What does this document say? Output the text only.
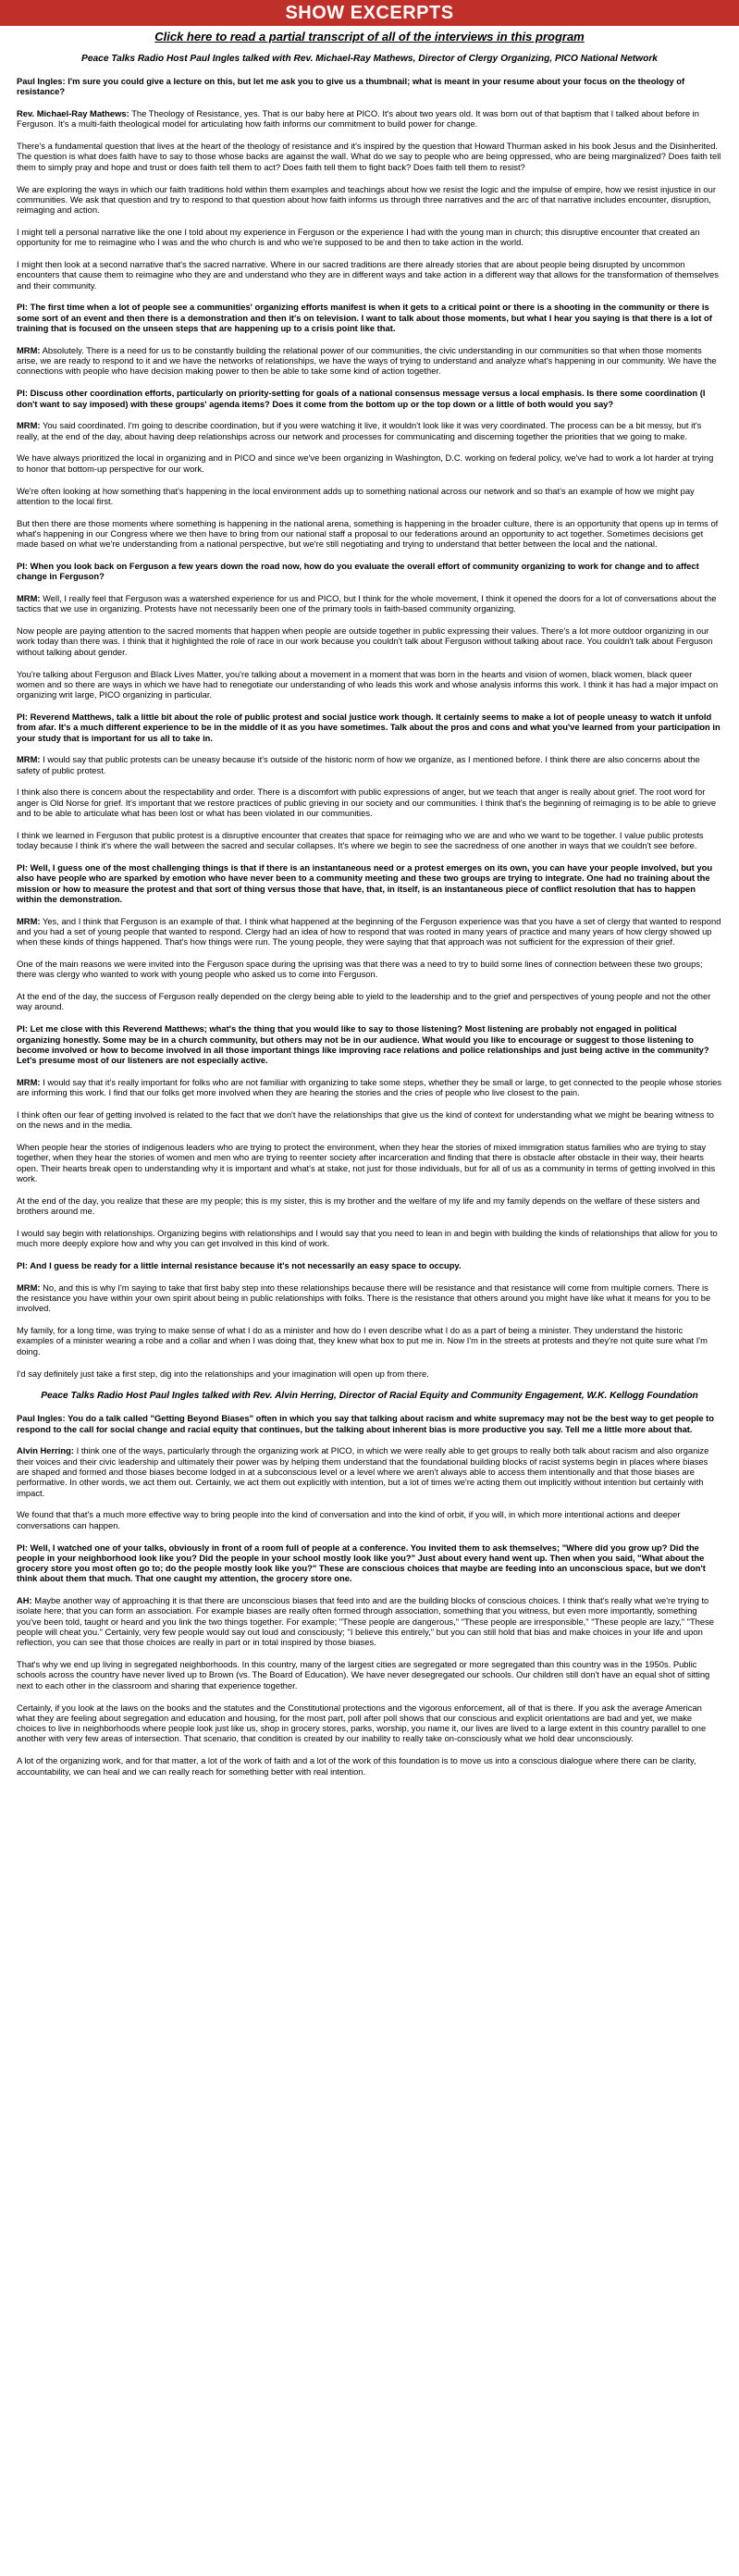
SHOW EXCERPTS
Click here to read a partial transcript of all of the interviews in this program
Peace Talks Radio Host Paul Ingles talked with Rev. Michael-Ray Mathews, Director of Clergy Organizing, PICO National Network
Paul Ingles: I'm sure you could give a lecture on this, but let me ask you to give us a thumbnail; what is meant in your resume about your focus on the theology of resistance?
Rev. Michael-Ray Mathews: The Theology of Resistance, yes. That is our baby here at PICO. It's about two years old. It was born out of that baptism that I talked about before in Ferguson. It's a multi-faith theological model for articulating how faith informs our commitment to build power for change.
There's a fundamental question that lives at the heart of the theology of resistance and it's inspired by the question that Howard Thurman asked in his book Jesus and the Disinherited. The question is what does faith have to say to those whose backs are against the wall. What do we say to people who are being oppressed, who are being marginalized? Does faith tell them to simply pray and hope and trust or does faith tell them to act? Does faith tell them to fight back? Does faith tell them to resist?
We are exploring the ways in which our faith traditions hold within them examples and teachings about how we resist the logic and the impulse of empire, how we resist injustice in our communities. We ask that question and try to respond to that question about how faith informs us through three narratives and the arc of that narrative includes encounter, disruption, reimaging and action.
I might tell a personal narrative like the one I told about my experience in Ferguson or the experience I had with the young man in church; this disruptive encounter that created an opportunity for me to reimagine who I was and the who church is and who we're supposed to be and then to take action in the world.
I might then look at a second narrative that's the sacred narrative. Where in our sacred traditions are there already stories that are about people being disrupted by uncommon encounters that cause them to reimagine who they are and understand who they are in different ways and take action in a different way that allows for the transformation of themselves and their community.
PI: The first time when a lot of people see a communities' organizing efforts manifest is when it gets to a critical point or there is a shooting in the community or there is some sort of an event and then there is a demonstration and then it's on television. I want to talk about those moments, but what I hear you saying is that there is a lot of training that is focused on the unseen steps that are happening up to a crisis point like that.
MRM: Absolutely. There is a need for us to be constantly building the relational power of our communities, the civic understanding in our communities so that when those moments arise, we are ready to respond to it and we have the networks of relationships, we have the ways of trying to understand and analyze what's happening in our community. We have the connections with people who have decision making power to then be able to take some kind of action together.
PI: Discuss other coordination efforts, particularly on priority-setting for goals of a national consensus message versus a local emphasis. Is there some coordination (I don't want to say imposed) with these groups' agenda items? Does it come from the bottom up or the top down or a little of both would you say?
MRM: You said coordinated. I'm going to describe coordination, but if you were watching it live, it wouldn't look like it was very coordinated. The process can be a bit messy, but it's really, at the end of the day, about having deep relationships across our network and processes for communicating and discerning together the priorities that we going to make.
We have always prioritized the local in organizing and in PICO and since we've been organizing in Washington, D.C. working on federal policy, we've had to work a lot harder at trying to honor that bottom-up perspective for our work.
We're often looking at how something that's happening in the local environment adds up to something national across our network and so that's an example of how we might pay attention to the local first.
But then there are those moments where something is happening in the national arena, something is happening in the broader culture, there is an opportunity that opens up in terms of what's happening in our Congress where we then have to bring from our national staff a proposal to our federations around an opportunity to act together. Sometimes decisions get made based on what we're understanding from a national perspective, but we're still negotiating and trying to understand that better between the local and the national.
PI: When you look back on Ferguson a few years down the road now, how do you evaluate the overall effort of community organizing to work for change and to affect change in Ferguson?
MRM: Well, I really feel that Ferguson was a watershed experience for us and PICO, but I think for the whole movement, I think it opened the doors for a lot of conversations about the tactics that we use in organizing. Protests have not necessarily been one of the primary tools in faith-based community organizing.
Now people are paying attention to the sacred moments that happen when people are outside together in public expressing their values. There's a lot more outdoor organizing in our work today than there was. I think that it highlighted the role of race in our work because you couldn't talk about Ferguson without talking about race. You couldn't talk about Ferguson without talking about gender.
You're talking about Ferguson and Black Lives Matter, you're talking about a movement in a moment that was born in the hearts and vision of women, black women, black queer women and so there are ways in which we have had to renegotiate our understanding of who leads this work and whose analysis informs this work. I think it has had a major impact on organizing writ large, PICO organizing in particular.
PI: Reverend Matthews, talk a little bit about the role of public protest and social justice work though. It certainly seems to make a lot of people uneasy to watch it unfold from afar. It's a much different experience to be in the middle of it as you have sometimes. Talk about the pros and cons and what you've learned from your participation in your study that is important for us all to take in.
MRM: I would say that public protests can be uneasy because it's outside of the historic norm of how we organize, as I mentioned before. I think there are also concerns about the safety of public protest.
I think also there is concern about the respectability and order. There is a discomfort with public expressions of anger, but we teach that anger is really about grief. The root word for anger is Old Norse for grief. It's important that we restore practices of public grieving in our society and our communities. I think that's the beginning of reimaging is to be able to grieve and to be able to articulate what has been lost or what has been violated in our communities.
I think we learned in Ferguson that public protest is a disruptive encounter that creates that space for reimaging who we are and who we want to be together. I value public protests today because I think it's where the wall between the sacred and secular collapses. It's where we begin to see the sacredness of one another in ways that we couldn't see before.
PI: Well, I guess one of the most challenging things is that if there is an instantaneous need or a protest emerges on its own, you can have your people involved, but you also have people who are sparked by emotion who have never been to a community meeting and these two groups are trying to integrate. One had no training about the mission or how to measure the protest and that sort of thing versus those that have, that, in itself, is an instantaneous piece of conflict resolution that has to happen within the demonstration.
MRM: Yes, and I think that Ferguson is an example of that. I think what happened at the beginning of the Ferguson experience was that you have a set of clergy that wanted to respond and you had a set of young people that wanted to respond. Clergy had an idea of how to respond that was rooted in many years of practice and many years of how clergy showed up when these kinds of things happened. That's how things were run. The young people, they were saying that that approach was not sufficient for the expression of their grief.
One of the main reasons we were invited into the Ferguson space during the uprising was that there was a need to try to build some lines of connection between these two groups; there was clergy who wanted to work with young people who asked us to come into Ferguson.
At the end of the day, the success of Ferguson really depended on the clergy being able to yield to the leadership and to the grief and perspectives of young people and not the other way around.
PI: Let me close with this Reverend Matthews; what's the thing that you would like to say to those listening? Most listening are probably not engaged in political organizing honestly. Some may be in a church community, but others may not be in our audience. What would you like to encourage or suggest to those listening to become involved or how to become involved in all those important things like improving race relations and police relationships and just being active in the community? Let's presume most of our listeners are not especially active.
MRM: I would say that it's really important for folks who are not familiar with organizing to take some steps, whether they be small or large, to get connected to the people whose stories are informing this work. I find that our folks get more involved when they are hearing the stories and the cries of people who live closest to the pain.
I think often our fear of getting involved is related to the fact that we don't have the relationships that give us the kind of context for understanding what we might be bearing witness to on the news and in the media.
When people hear the stories of indigenous leaders who are trying to protect the environment, when they hear the stories of mixed immigration status families who are trying to stay together, when they hear the stories of women and men who are trying to reenter society after incarceration and finding that there is obstacle after obstacle in their way, their hearts open. Their hearts break open to understanding why it is important and what's at stake, not just for those individuals, but for all of us as a community in terms of getting involved in this work.
At the end of the day, you realize that these are my people; this is my sister, this is my brother and the welfare of my life and my family depends on the welfare of these sisters and brothers around me.
I would say begin with relationships. Organizing begins with relationships and I would say that you need to lean in and begin with building the kinds of relationships that allow for you to much more deeply explore how and why you can get involved in this kind of work.
PI: And I guess be ready for a little internal resistance because it's not necessarily an easy space to occupy.
MRM: No, and this is why I'm saying to take that first baby step into these relationships because there will be resistance and that resistance will come from multiple corners. There is the resistance you have within your own spirit about being in public relationships with folks. There is the resistance that others around you might have like what it means for you to be involved.
My family, for a long time, was trying to make sense of what I do as a minister and how do I even describe what I do as a part of being a minister. They understand the historic examples of a minister wearing a robe and a collar and when I was doing that, they knew what box to put me in. Now I'm in the streets at protests and they're not quite sure what I'm doing.
I'd say definitely just take a first step, dig into the relationships and your imagination will open up from there.
Peace Talks Radio Host Paul Ingles talked with Rev. Alvin Herring, Director of Racial Equity and Community Engagement, W.K. Kellogg Foundation
Paul Ingles: You do a talk called "Getting Beyond Biases" often in which you say that talking about racism and white supremacy may not be the best way to get people to respond to the call for social change and racial equity that continues, but the talking about inherent bias is more productive you say. Tell me a little more about that.
Alvin Herring: I think one of the ways, particularly through the organizing work at PICO, in which we were really able to get groups to really both talk about racism and also organize their voices and their civic leadership and ultimately their power was by helping them understand that the foundational building blocks of racist systems begin in places where biases are shaped and formed and those biases become lodged in at a subconscious level or a level where we aren't always able to access them intentionally and that those biases are performative. In other words, we act them out. Certainly, we act them out explicitly with intention, but a lot of times we're acting them out implicitly without intention but certainly with impact.
We found that that's a much more effective way to bring people into the kind of conversation and into the kind of orbit, if you will, in which more intentional actions and deeper conversations can happen.
PI: Well, I watched one of your talks, obviously in front of a room full of people at a conference. You invited them to ask themselves; "Where did you grow up? Did the people in your neighborhood look like you? Did the people in your school mostly look like you?" Just about every hand went up. Then when you said, "What about the grocery store you most often go to; do the people mostly look like you?" These are conscious choices that maybe are feeding into an unconscious space, but we don't think about them that much. That one caught my attention, the grocery store one.
AH: Maybe another way of approaching it is that there are unconscious biases that feed into and are the building blocks of conscious choices. I think that's really what we're trying to isolate here; that you can form an association. For example biases are really often formed through association, something that you witness, but even more importantly, something you've been told, taught or heard and you link the two things together. For example; "These people are dangerous," "These people are irresponsible," "These people are lazy," "These people will cheat you." Certainly, very few people would say out loud and consciously; "I believe this entirely," but you can still hold that bias and make choices in your life and upon reflection, you can see that those choices are really in part or in total inspired by those biases.
That's why we end up living in segregated neighborhoods. In this country, many of the largest cities are segregated or more segregated than this country was in the 1950s. Public schools across the country have never lived up to Brown (vs. The Board of Education). We have never desegregated our schools. Our children still don't have an equal shot of sitting next to each other in the classroom and sharing that experience together.
Certainly, if you look at the laws on the books and the statutes and the Constitutional protections and the vigorous enforcement, all of that is there. If you ask the average American what they are feeling about segregation and education and housing, for the most part, poll after poll shows that our conscious and explicit orientations are bad and yet, we make choices to live in neighborhoods where people look just like us, shop in grocery stores, parks, worship, you name it, our lives are lived to a large extent in this country parallel to one another with very few areas of intersection. That scenario, that condition is created by our inability to really take on-consciously what we hold dear unconsciously.
A lot of the organizing work, and for that matter, a lot of the work of faith and a lot of the work of this foundation is to move us into a conscious dialogue where there can be clarity, accountability, we can heal and we can really reach for something better with real intention.
